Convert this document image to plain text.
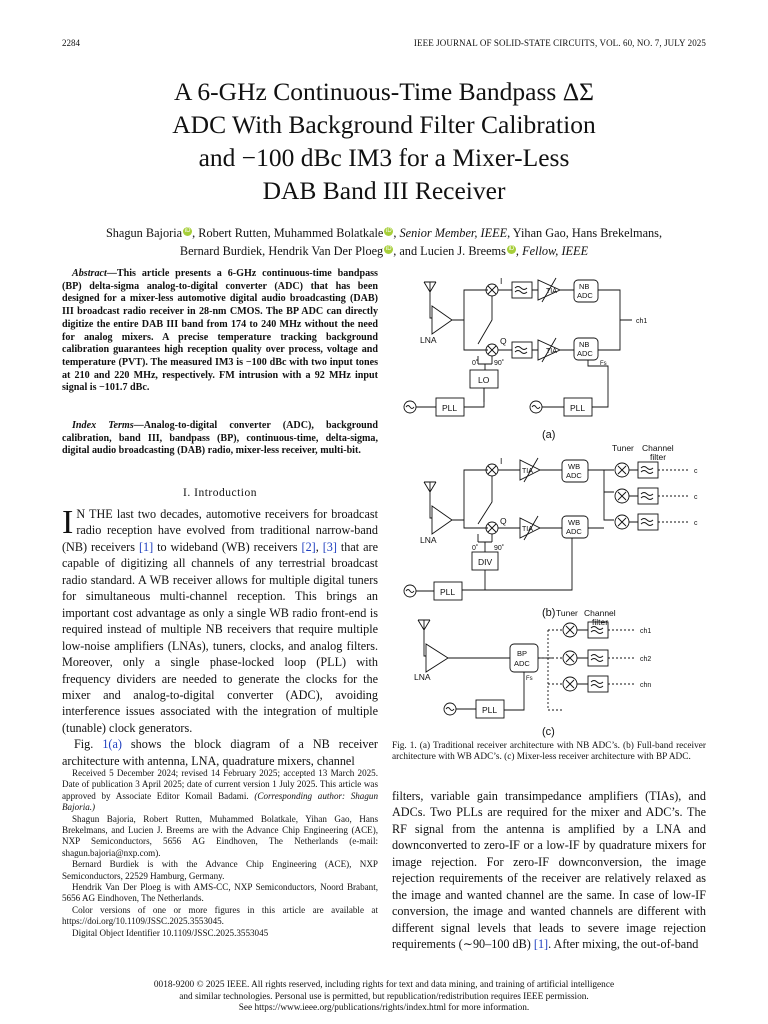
2284	IEEE JOURNAL OF SOLID-STATE CIRCUITS, VOL. 60, NO. 7, JULY 2025
A 6-GHz Continuous-Time Bandpass ΔΣ
ADC With Background Filter Calibration
and −100 dBc IM3 for a Mixer-Less
DAB Band III Receiver
Shagun Bajoria iD , Robert Rutten, Muhammed Bolatkale iD , Senior Member, IEEE, Yihan Gao, Hans Brekelmans,
Bernard Burdiek, Hendrik Van Der Ploeg iD , and Lucien J. Breems iD , Fellow, IEEE
Abstract—This article presents a 6-GHz continuous-time bandpass (BP) delta-sigma analog-to-digital converter (ADC) that has been designed for a mixer-less automotive digital audio broadcasting (DAB) III broadcast radio receiver in 28-nm CMOS. The BP ADC can directly digitize the entire DAB III band from 174 to 240 MHz without the need for analog mixers. A precise temperature tracking background calibration guarantees high reception quality over process, voltage and temperature (PVT). The measured IM3 is −100 dBc with two input tones at 210 and 220 MHz, respectively. FM intrusion with a 92 MHz input signal is −101.7 dBc.
Index Terms—Analog-to-digital converter (ADC), background calibration, band III, bandpass (BP), continuous-time, delta-sigma, digital audio broadcasting (DAB) radio, mixer-less receiver, multi-bit.
I. Introduction
I N THE last two decades, automotive receivers for broadcast radio reception have evolved from traditional narrow-band (NB) receivers [1] to wideband (WB) receivers [2], [3] that are capable of digitizing all channels of any terrestrial broadcast radio standard. A WB receiver allows for multiple digital tuners for simultaneous multi-channel reception. This brings an important cost advantage as only a single WB radio front-end is required instead of multiple NB receivers that require multiple low-noise amplifiers (LNAs), tuners, clocks, and analog filters. Moreover, only a single phase-locked loop (PLL) with frequency dividers are needed to generate the clocks for the mixer and analog-to-digital converter (ADC), avoiding interference issues associated with the integration of multiple (tunable) clock generators.
Fig. 1(a) shows the block diagram of a NB receiver architecture with antenna, LNA, quadrature mixers, channel

Received 5 December 2024; revised 14 February 2025; accepted 13 March 2025. Date of publication 3 April 2025; date of current version 1 July 2025. This article was approved by Associate Editor Komail Badami. (Corresponding author: Shagun Bajoria.)

Shagun Bajoria, Robert Rutten, Muhammed Bolatkale, Yihan Gao, Hans Brekelmans, and Lucien J. Breems are with the Advance Chip Engineering (ACE), NXP Semiconductors, 5656 AG Eindhoven, The Netherlands (e-mail: shagun.bajoria@nxp.com).

Bernard Burdiek is with the Advance Chip Engineering (ACE), NXP Semiconductors, 22529 Hamburg, Germany.

Hendrik Van Der Ploeg is with AMS-CC, NXP Semiconductors, Noord Brabant, 5656 AG Eindhoven, The Netherlands.

Color versions of one or more figures in this article are available at https://doi.org/10.1109/JSSC.2025.3553045.

Digital Object Identifier 10.1109/JSSC.2025.3553045

LNA
I
Q
TIA
TIA
NB
ADC
NB
ADC
ch1
0˚ 90˚
LO
PLL	PLL
Fs
(a)
Tuner Channel
filter
LNA
I
Q
TIA
TIA
WB
ADC
WB
ADC
0˚ 90˚
DIV
PLL
c
c
c
(b) Tuner
LNA
BP
ADC
Fs
PLL
ch1
ch2
chn
(c)
Channel
filter
Fig. 1. (a) Traditional receiver architecture with NB ADC’s. (b) Full-band receiver architecture with WB ADC’s. (c) Mixer-less receiver architecture with BP ADC.
filters, variable gain transimpedance amplifiers (TIAs), and ADCs. Two PLLs are required for the mixer and ADC’s. The RF signal from the antenna is amplified by a LNA and downconverted to zero-IF or a low-IF by quadrature mixers for image rejection. For zero-IF downconversion, the image rejection requirements of the receiver are relatively relaxed as the image and wanted channel are the same. In case of low-IF conversion, the image and wanted channels are different with different signal levels that leads to severe image rejection requirements (∼90–100 dB) [1]. After mixing, the out-of-band
0018-9200 © 2025 IEEE. All rights reserved, including rights for text and data mining, and training of artificial intelligence
and similar technologies. Personal use is permitted, but republication/redistribution requires IEEE permission.
See https://www.ieee.org/publications/rights/index.html for more information.
